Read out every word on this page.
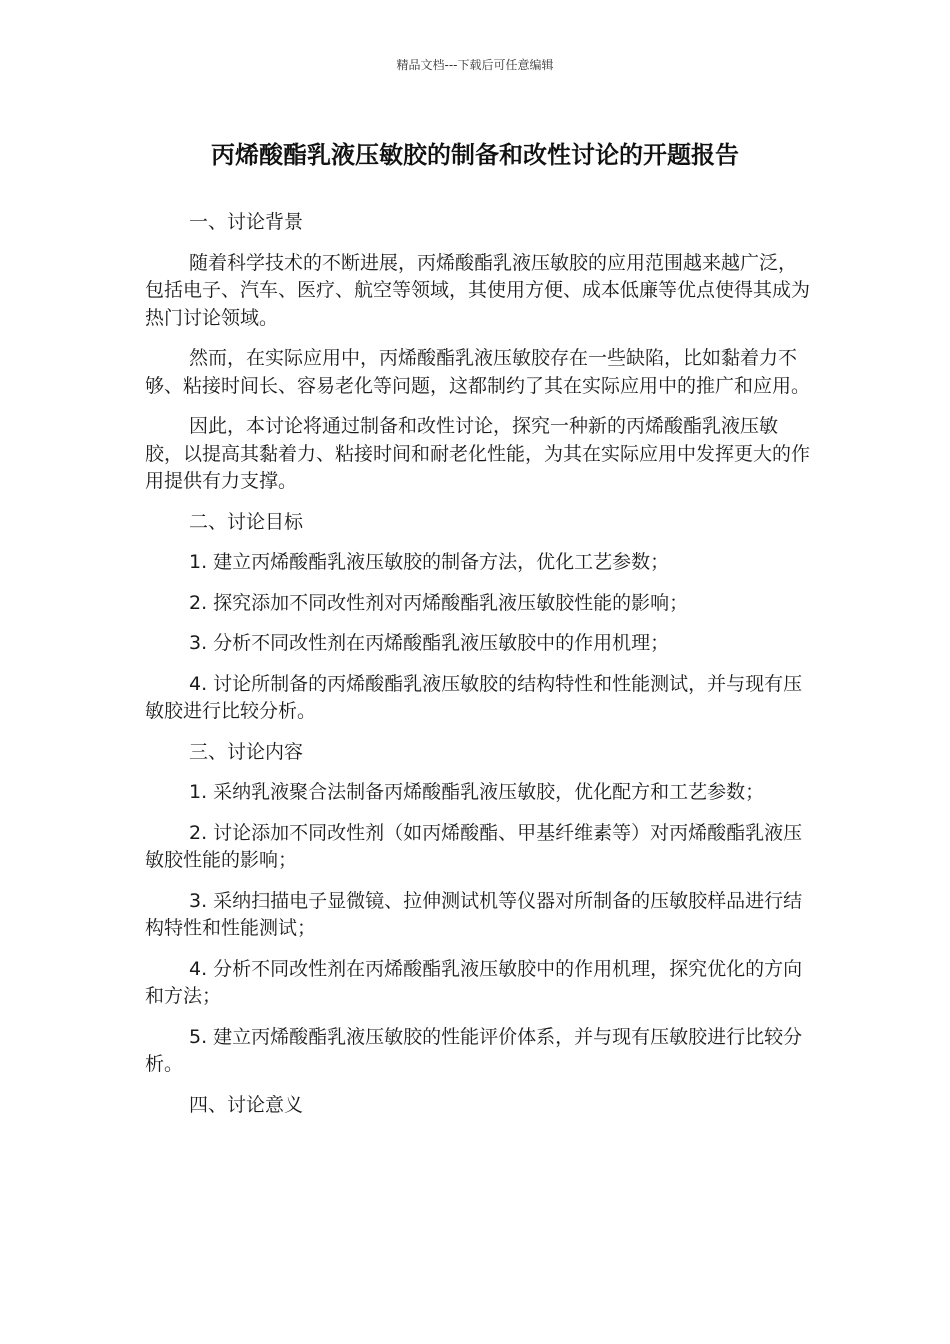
精品文档---下载后可任意编辑
丙烯酸酯乳液压敏胶的制备和改性讨论的开题报告

一、讨论背景

随着科学技术的不断进展，丙烯酸酯乳液压敏胶的应用范围越来越广泛，包括电子、汽车、医疗、航空等领域，其使用方便、成本低廉等优点使得其成为热门讨论领域。

然而，在实际应用中，丙烯酸酯乳液压敏胶存在一些缺陷，比如黏着力不够、粘接时间长、容易老化等问题，这都制约了其在实际应用中的推广和应用。

因此，本讨论将通过制备和改性讨论，探究一种新的丙烯酸酯乳液压敏胶，以提高其黏着力、粘接时间和耐老化性能，为其在实际应用中发挥更大的作用提供有力支撑。

二、讨论目标

1. 建立丙烯酸酯乳液压敏胶的制备方法，优化工艺参数；

2. 探究添加不同改性剂对丙烯酸酯乳液压敏胶性能的影响；

3. 分析不同改性剂在丙烯酸酯乳液压敏胶中的作用机理；

4. 讨论所制备的丙烯酸酯乳液压敏胶的结构特性和性能测试，并与现有压敏胶进行比较分析。

三、讨论内容

1. 采纳乳液聚合法制备丙烯酸酯乳液压敏胶，优化配方和工艺参数；

2. 讨论添加不同改性剂（如丙烯酸酯、甲基纤维素等）对丙烯酸酯乳液压敏胶性能的影响；

3. 采纳扫描电子显微镜、拉伸测试机等仪器对所制备的压敏胶样品进行结构特性和性能测试；

4. 分析不同改性剂在丙烯酸酯乳液压敏胶中的作用机理，探究优化的方向和方法；

5. 建立丙烯酸酯乳液压敏胶的性能评价体系，并与现有压敏胶进行比较分析。

四、讨论意义
